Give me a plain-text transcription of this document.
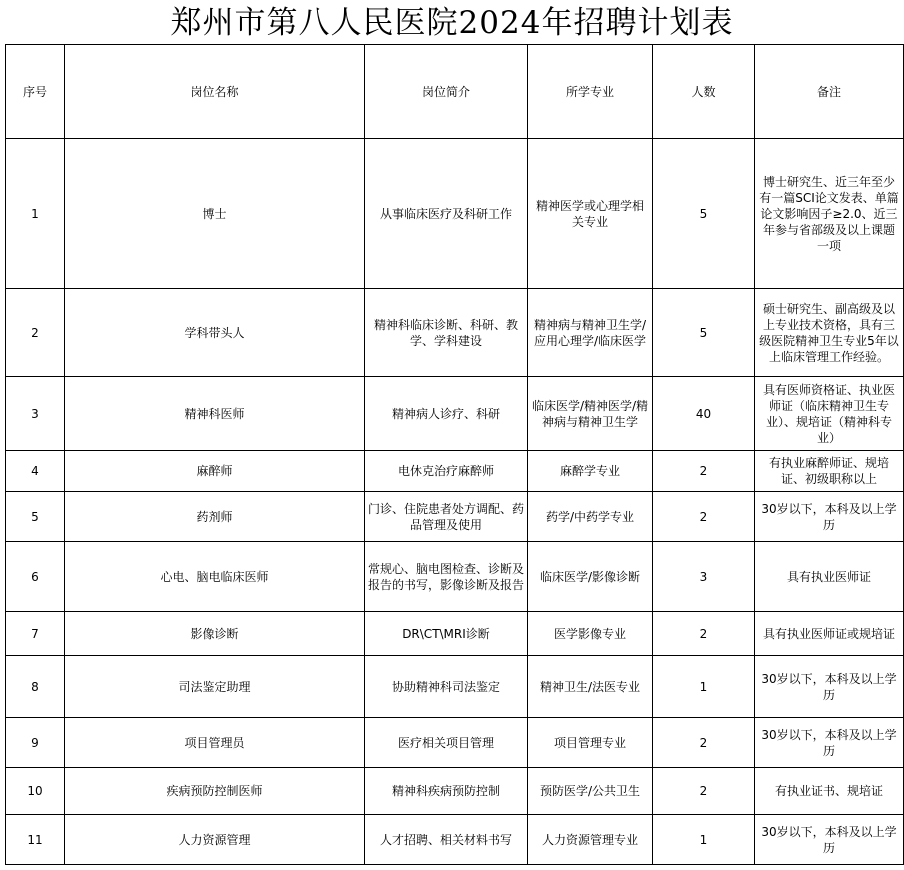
郑州市第八人民医院2024年招聘计划表
序号	岗位名称	岗位简介	所学专业	人数	备注
1	博士	从事临床医疗及科研工作	精神医学或心理学相关专业	5	博士研究生、近三年至少有一篇SCI论文发表、单篇论文影响因子≥2.0、近三年参与省部级及以上课题一项
2	学科带头人	精神科临床诊断、科研、教学、学科建设	精神病与精神卫生学/应用心理学/临床医学	5	硕士研究生、副高级及以上专业技术资格，具有三级医院精神卫生专业5年以上临床管理工作经验。
3	精神科医师	精神病人诊疗、科研	临床医学/精神医学/精神病与精神卫生学	40	具有医师资格证、执业医师证（临床精神卫生专业）、规培证（精神科专业）
4	麻醉师	电休克治疗麻醉师	麻醉学专业	2	有执业麻醉师证、规培证、初级职称以上
5	药剂师	门诊、住院患者处方调配、药品管理及使用	药学/中药学专业	2	30岁以下，本科及以上学历
6	心电、脑电临床医师	常规心、脑电图检查、诊断及报告的书写，影像诊断及报告	临床医学/影像诊断	3	具有执业医师证
7	影像诊断	DR\CT\MRI诊断	医学影像专业	2	具有执业医师证或规培证
8	司法鉴定助理	协助精神科司法鉴定	精神卫生/法医专业	1	30岁以下，本科及以上学历
9	项目管理员	医疗相关项目管理	项目管理专业	2	30岁以下，本科及以上学历
10	疾病预防控制医师	精神科疾病预防控制	预防医学/公共卫生	2	有执业证书、规培证
11	人力资源管理	人才招聘、相关材料书写	人力资源管理专业	1	30岁以下，本科及以上学历
